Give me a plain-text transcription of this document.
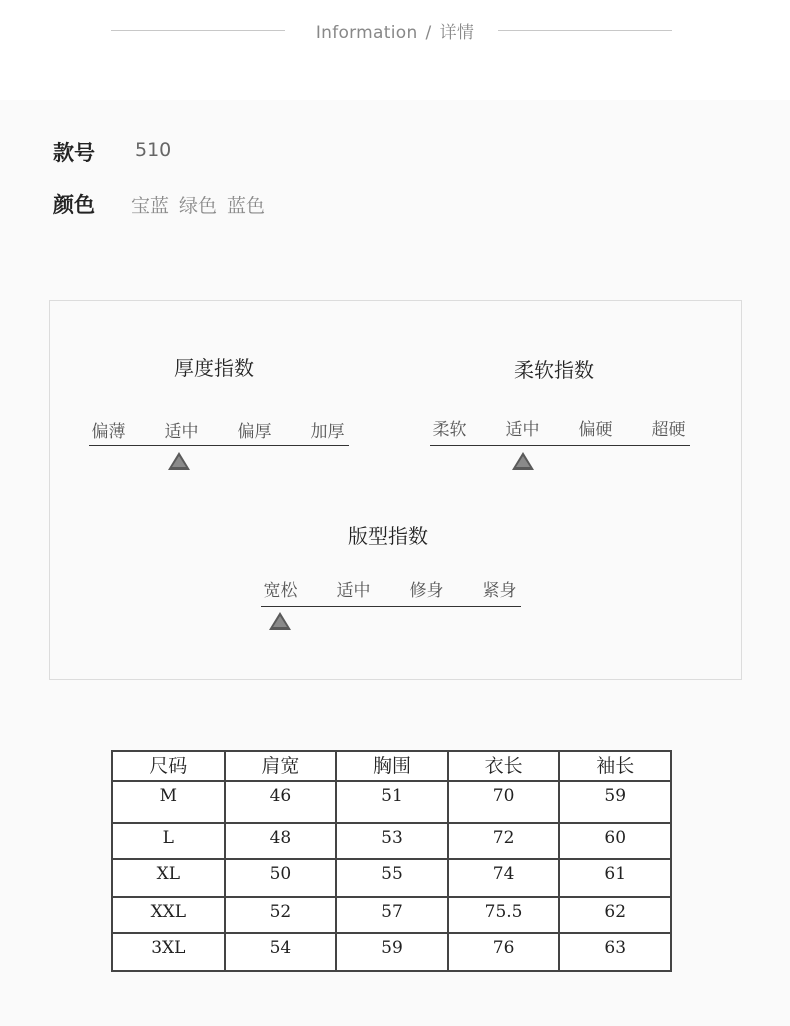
Information / 详情
款号 510
颜色 宝蓝 绿色 蓝色
厚度指数
偏薄	适中	偏厚	加厚
柔软指数
柔软	适中	偏硬	超硬
版型指数
宽松	适中	修身	紧身
尺码	肩宽	胸围	衣长	袖长
M	46	51	70	59
L	48	53	72	60
XL	50	55	74	61
XXL	52	57	75.5	62
3XL	54	59	76	63
